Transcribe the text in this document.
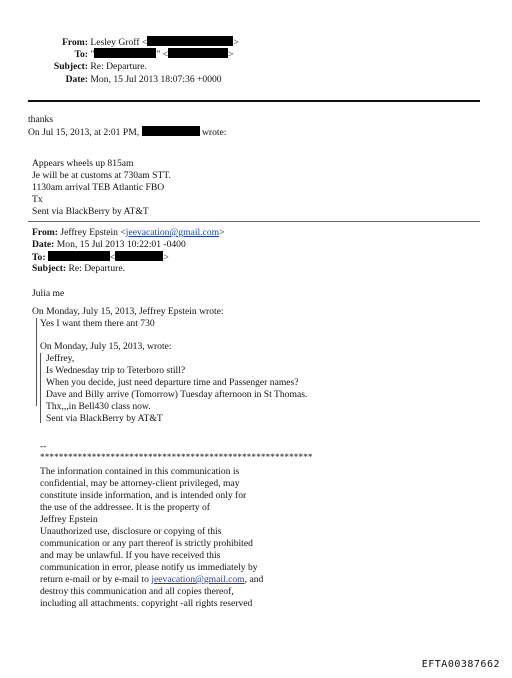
From: Lesley Groff <	>
To: "	" <	>
Subject: Re: Departure.
Date: Mon, 15 Jul 2013 18:07:36 +0000
thanks
On Jul 15, 2013, at 2:01 PM,	wrote:
Appears wheels up 815am
Je will be at customs at 730am STT.
1130am arrival TEB Atlantic FBO
Tx
Sent via BlackBerry by AT&T
From: Jeffrey Epstein <jeevacation@gmail.com>
Date: Mon, 15 Jul 2013 10:22:01 -0400
To:	<	>
Subject: Re: Departure.
Julia me
On Monday, July 15, 2013, Jeffrey Epstein wrote:
Yes I want them there ant 730
On Monday, July 15, 2013, wrote:
Jeffrey,
Is Wednesday trip to Teterboro still?
When you decide, just need departure time and Passenger names?
Dave and Billy arrive (Tomorrow) Tuesday afternoon in St Thomas.
Thx,,,in Bell430 class now.
Sent via BlackBerry by AT&T
--
**********************************************************
The information contained in this communication is
confidential, may be attorney-client privileged, may
constitute inside information, and is intended only for
the use of the addressee. It is the property of
Jeffrey Epstein
Unauthorized use, disclosure or copying of this
communication or any part thereof is strictly prohibited
and may be unlawful. If you have received this
communication in error, please notify us immediately by
return e-mail or by e-mail to jeevacation@gmail.com, and
destroy this communication and all copies thereof,
including all attachments. copyright -all rights reserved
EFTA00387662
